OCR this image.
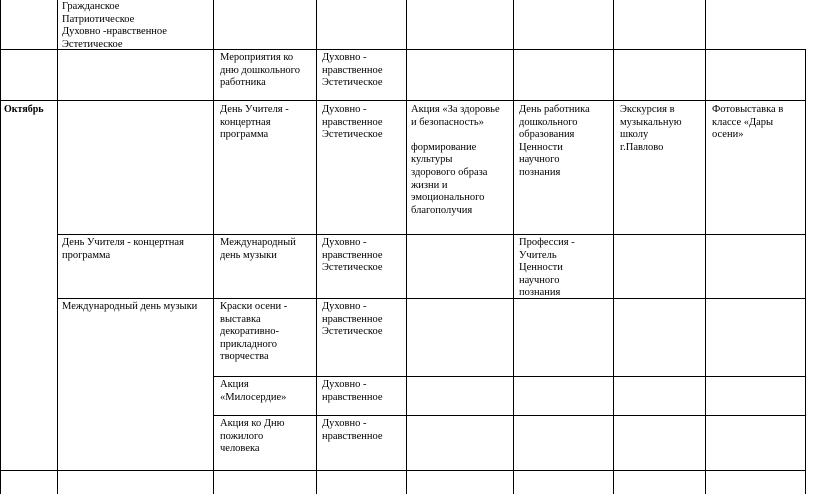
Гражданское
Патриотическое
Духовно -нравственное
Эстетическое
Мероприятия ко
дню дошкольного
работника
Духовно -
нравственное
Эстетическое
Октябрь	День Учителя -
концертная
программа
Духовно -
нравственное
Эстетическое
Акция «За здоровье
и безопасность»

формирование
культуры
здорового образа
жизни и
эмоционального
благополучия
День работника
дошкольного
образования
Ценности
научного
познания
Экскурсия в
музыкальную
школу
г.Павлово
Фотовыставка в
классе «Дары
осени»
День Учителя - концертная
программа
Международный
день музыки
Духовно -
нравственное
Эстетическое
Профессия -
Учитель
Ценности
научного
познания
Международный день музыки	Краски осени -
выставка
декоративно-
прикладного
творчества
Духовно -
нравственное
Эстетическое
Акция
«Милосердие»
Духовно -
нравственное
Акция ко Дню
пожилого
человека
Духовно -
нравственное
